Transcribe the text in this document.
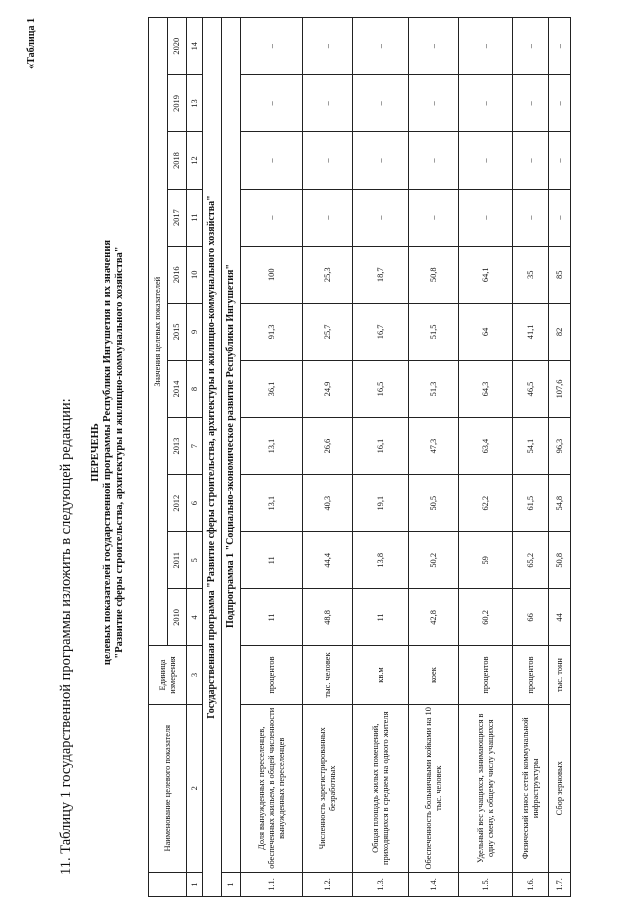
11. Таблицу 1 государственной программы изложить в следующей редакции:
«Таблица 1
ПЕРЕЧЕНЬ целевых показателей государственной программы Республики Ингушетия и их значения "Развитие сферы строительства, архитектуры и жилищно-коммунального хозяйства"
	Наименование целевого показателя	Единица измерения	Значения целевых показателей										
			2010	2011	2012	2013	2014	2015	2016	2017	2018	2019	2020
1	2	3	4	5	6	7	8	9	10	11	12	13	14
Государственная программа "Развитие сферы строительства, архитектуры и жилищно-коммунального хозяйства"													
1	Подпрограмма 1 "Социально-экономическое развитие Республики Ингушетия"												
1.1.	Доля вынужденных переселенцев, обеспеченных жильем, в общей численности вынужденных переселенцев	процентов	11	11	13,1	13,1	36,1	91,3	100	–	–	–	–
1.2.	Численность зарегистрированных безработных	тыс. человек	48,8	44,4	40,3	26,6	24,9	25,7	25,3	–	–	–	–
1.3.	Общая площадь жилых помещений, приходящихся в среднем на одного жителя	кв.м	11	13,8	19,1	16,1	16,5	16,7	18,7	–	–	–	–
1.4.	Обеспеченность больничными койками на 10 тыс. человек	коек	42,8	50,2	50,5	47,3	51,3	51,5	50,8	–	–	–	–
1.5.	Удельный вес учащихся, занимающихся в одну смену, к общему числу учащихся	процентов	60,2	59	62,2	63,4	64,3	64	64,1	–	–	–	–
1.6.	Физический износ сетей коммунальной инфраструктуры	процентов	66	65,2	61,5	54,1	46,5	41,1	35	–	–	–	–
1.7.	Сбор зерновых	тыс. тонн	44	50,8	54,8	96,3	107,6	82	85	–	–	–	–
